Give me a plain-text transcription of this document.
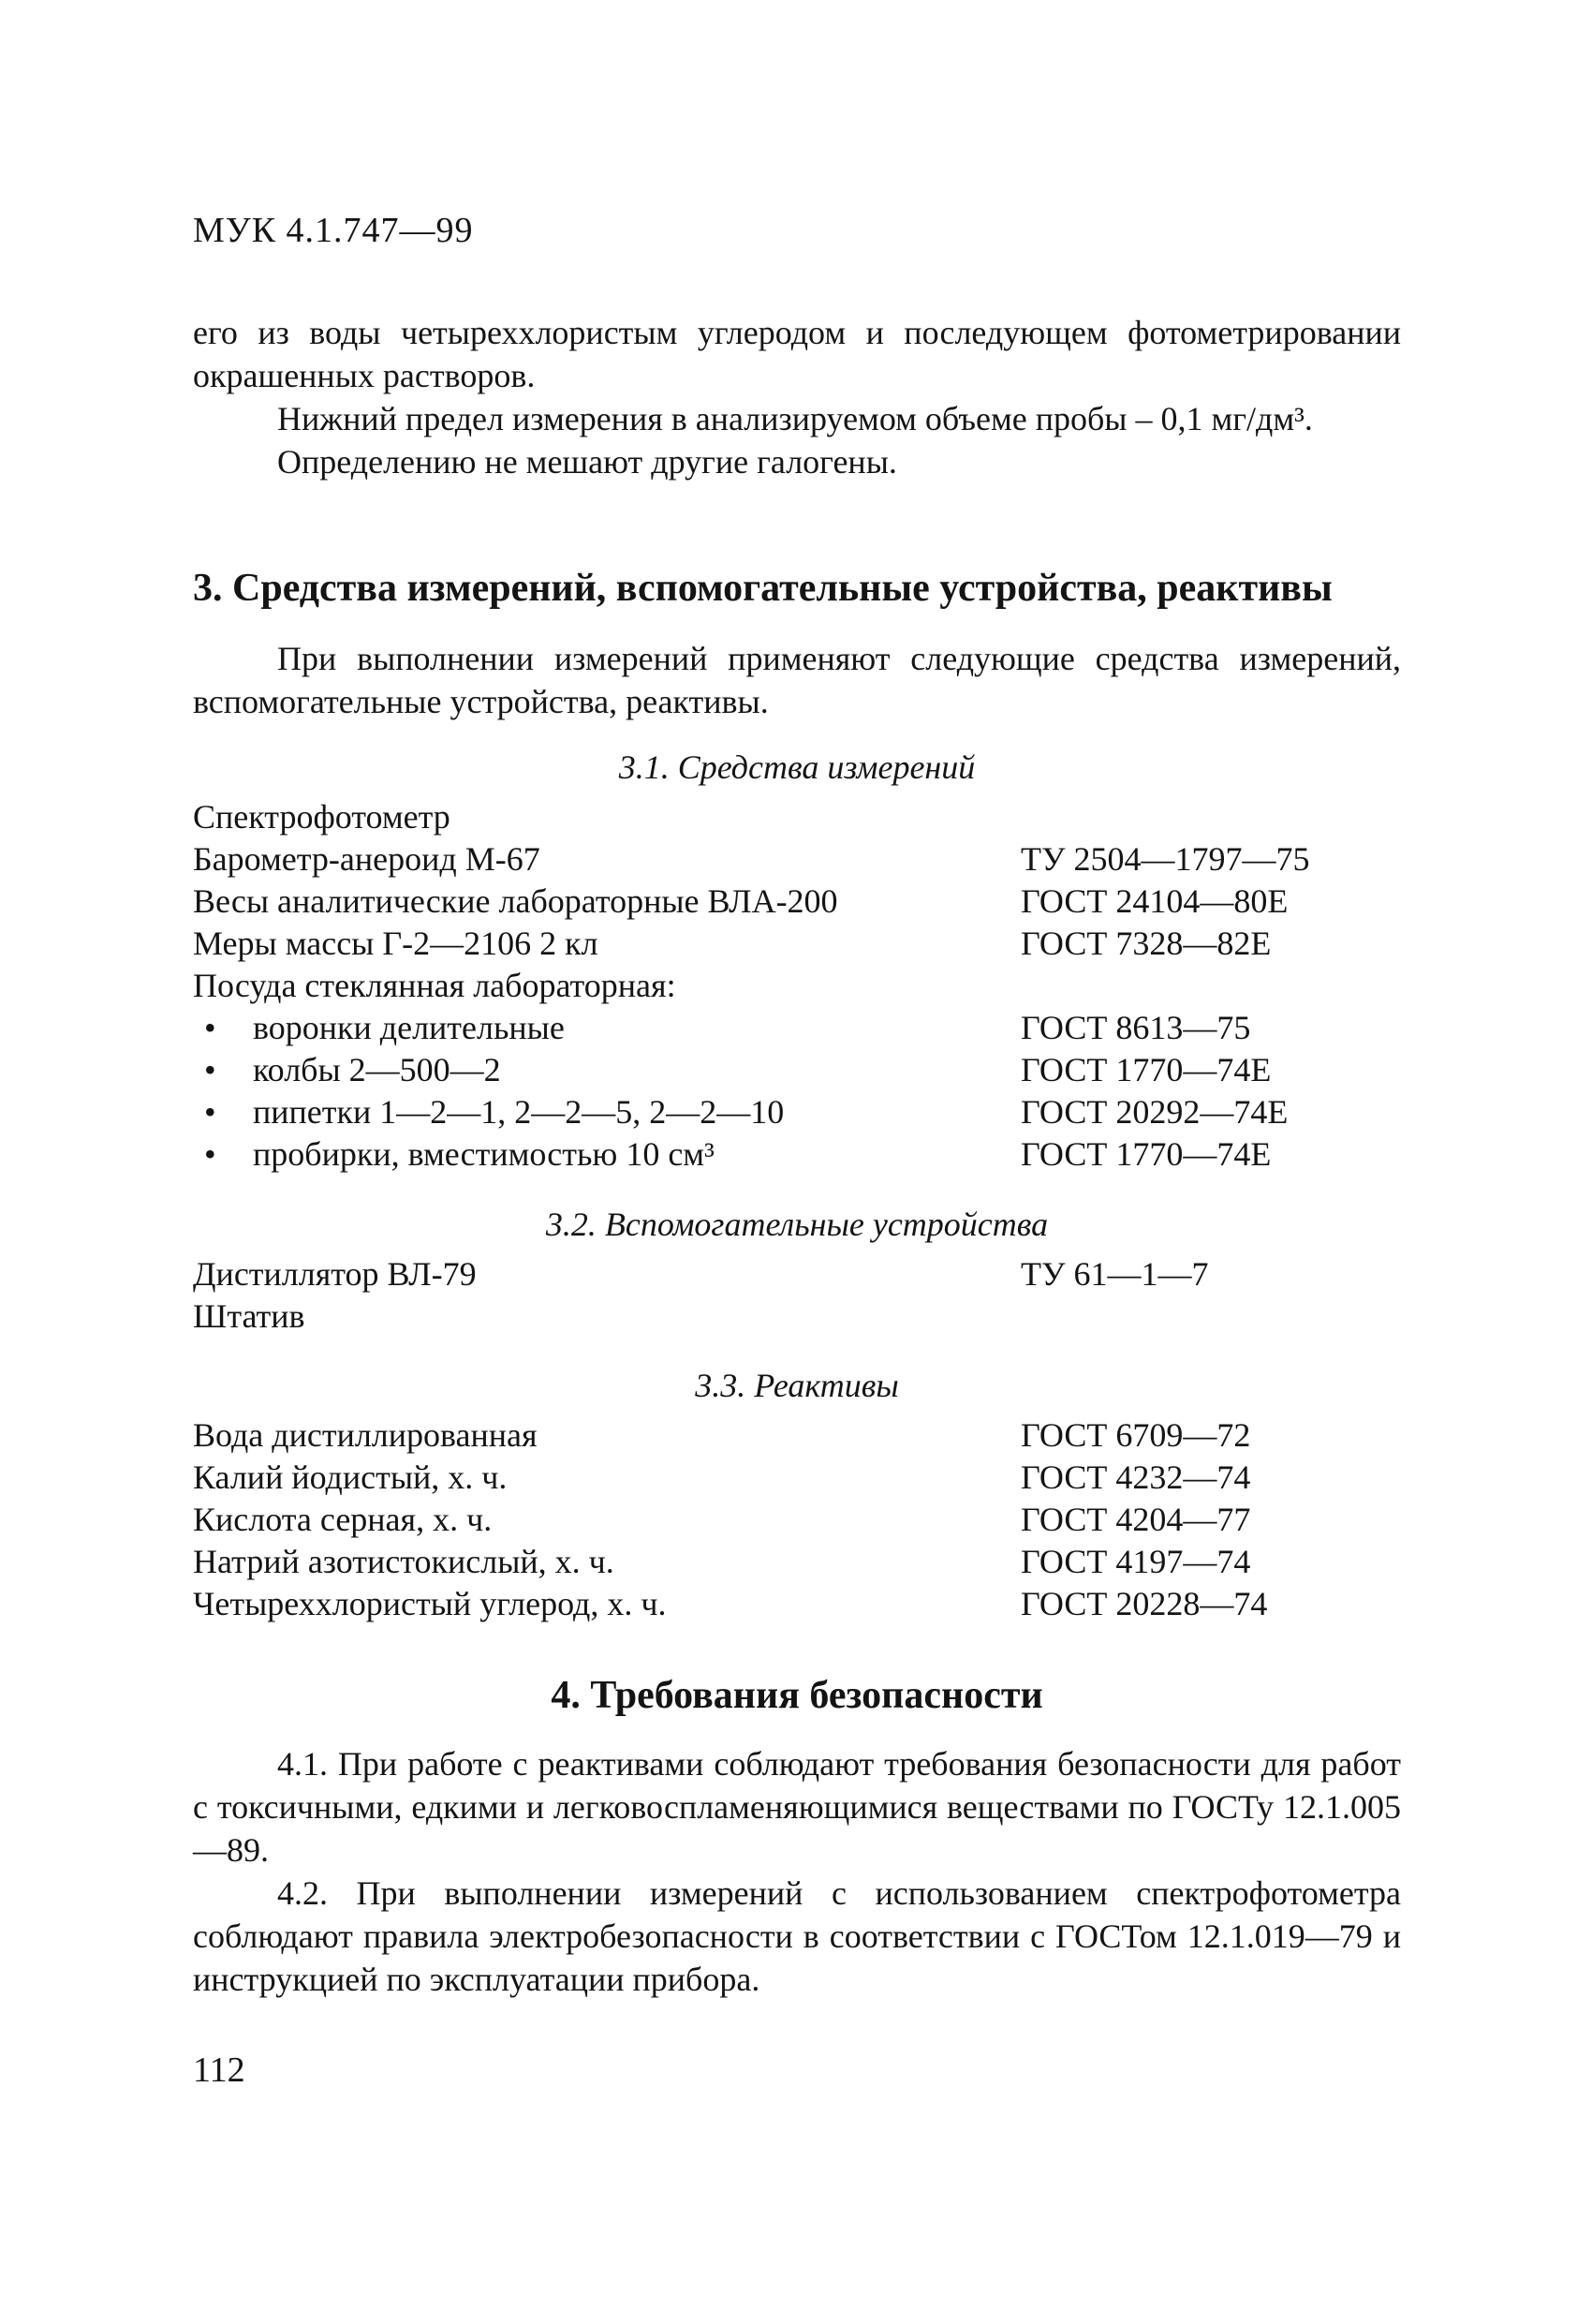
МУК 4.1.747—99

его из воды четыреххлористым углеродом и последующем фотометрировании окрашенных растворов.

Нижний предел измерения в анализируемом объеме пробы – 0,1 мг/дм³.

Определению не мешают другие галогены.

3. Средства измерений, вспомогательные устройства, реактивы

При выполнении измерений применяют следующие средства измерений, вспомогательные устройства, реактивы.

3.1. Средства измерений

Спектрофотометр
Барометр-анероид М-67	ТУ 2504—1797—75
Весы аналитические лабораторные ВЛА-200	ГОСТ 24104—80Е
Меры массы Г-2—2106 2 кл	ГОСТ 7328—82Е
Посуда стеклянная лабораторная:
• воронки делительные	ГОСТ 8613—75
• колбы 2—500—2	ГОСТ 1770—74Е
• пипетки 1—2—1, 2—2—5, 2—2—10	ГОСТ 20292—74Е
• пробирки, вместимостью 10 см³	ГОСТ 1770—74Е

3.2. Вспомогательные устройства

Дистиллятор ВЛ-79	ТУ 61—1—7
Штатив

3.3. Реактивы

Вода дистиллированная	ГОСТ 6709—72
Калий йодистый, х. ч.	ГОСТ 4232—74
Кислота серная, х. ч.	ГОСТ 4204—77
Натрий азотистокислый, х. ч.	ГОСТ 4197—74
Четыреххлористый углерод, х. ч.	ГОСТ 20228—74
4. Требования безопасности

4.1. При работе с реактивами соблюдают требования безопасности для работ с токсичными, едкими и легковоспламеняющимися веществами по ГОСТу 12.1.005—89.

4.2. При выполнении измерений с использованием спектрофотометра соблюдают правила электробезопасности в соответствии с ГОСТом 12.1.019—79 и инструкцией по эксплуатации прибора.

112
